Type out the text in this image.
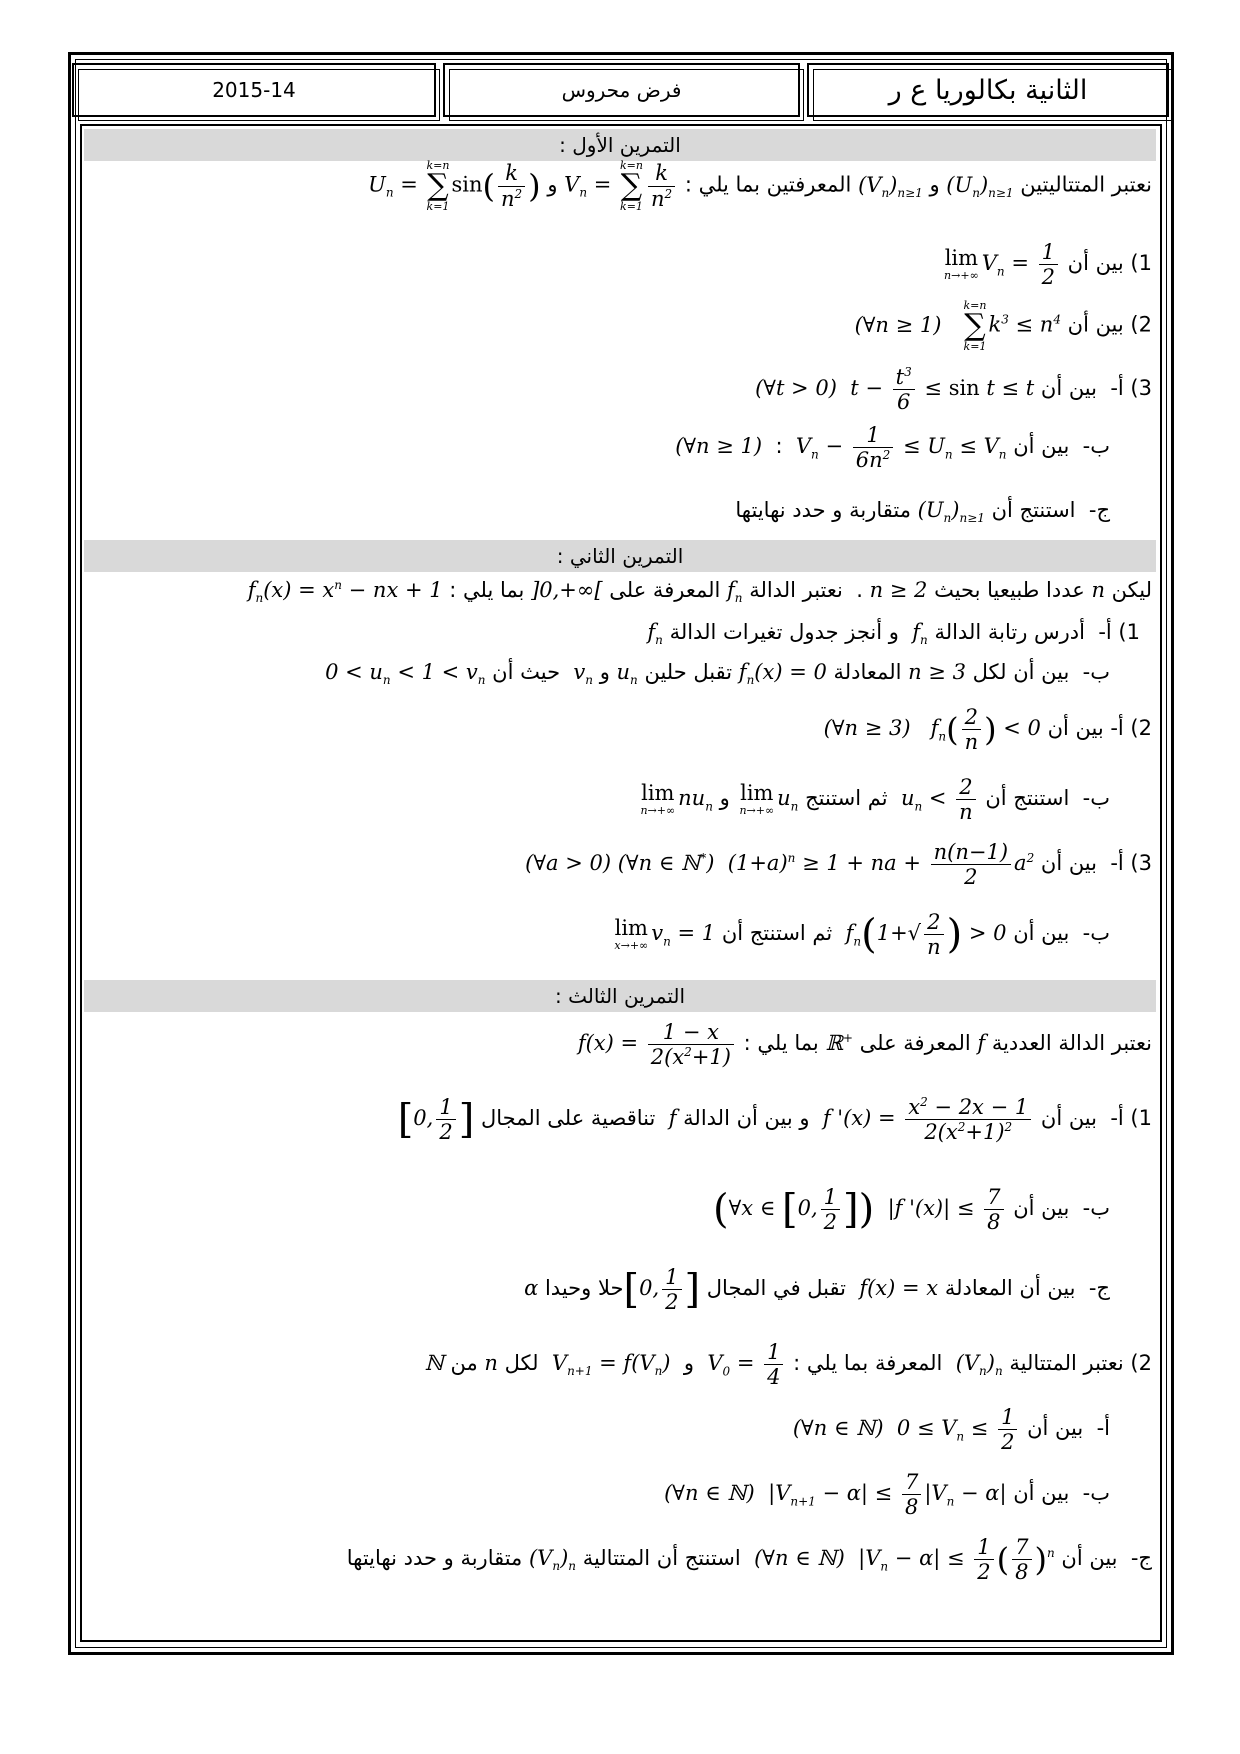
2015-14	فرض محروس	الثانية بكالوريا ع ر
التمرين الأول :
نعتبر المتتاليتين $(U_n)_{n\ge 1}$ و $(V_n)_{n\ge 1}$ المعرفتين بما يلي : $V_n$ =
k=n
∑
$k=1 \frac{k}{n^2}$
و $U_n$ =
k=n
∑
k=1
$\sin( \frac{k}{n^2}$ )
1) بين أن lim
n→+∞
$V_n = \frac{1}{2}$
2) بين أن
k=n
∑
k=1
$k^3 \le n^4$   (∀n ≥ 1)
3) أ-  بين أن $t - \frac{t^3}{6} \le \sin t \le t$  (∀t > 0)
ب-  بين أن $V_n - \frac{1}{6n^2} \le U_n \le V_n$  :  (∀n ≥ 1)
ج-  استنتج أن $(U_n)_{n\ge 1}$ متقاربة و حدد نهايتها
التمرين الثاني :
ليكن n عددا طبيعيا بحيث n ≥ 2 .  نعتبر الدالة $f_n$ المعرفة على ]0,+∞[ بما يلي : $f_n(x) = x^n$ − nx + 1
1) أ-  أدرس رتابة الدالة $f_n$  و أنجز جدول تغيرات الدالة $f_n$
ب-  بين أن لكل n ≥ 3 المعادلة $f_n(x) = 0$ تقبل حلين $u_n$ و $v_n$  حيث أن $0 < u_n < 1 < v_n$
2) أ- بين أن $f_n( \frac{2}{n}$ ) < 0   (∀n ≥ 3)
ب-  استنتج أن $u_n < \frac{2}{n}$
ثم استنتج lim
n→+∞
$u_n$ و lim
n→+∞
$nu_n$
3) أ-  بين أن $(1+a)^n \ge 1$ + na + $\frac{n(n-1)}{2} a^2$  (∀a > 0) (∀n ∈ ℕ*)
ب-  بين أن $f_n(1+√ \frac{2}{n}$ ) > 0  ثم استنتج أن lim
x→+∞
$v_n = 1$
التمرين الثالث :
نعتبر الدالة العددية f المعرفة على ℝ+ بما يلي : $f(x) = \frac{1 - x}{2(x^2+1)}$
1) أ-  بين أن f '$(x) = \frac{x^2 - 2x - 1}{2(x^2+1)^2}$
و بين أن الدالة f  تناقصية على المجال [0, $\frac{1}{2}$ ]
ب-  بين أن |f '$(x)| \le \frac{7}{8}$
(∀x ∈ [0, $\frac{1}{2}$ ])
ج-  بين أن المعادلة f(x) = x  تقبل في المجال [0, $\frac{1}{2}$ ]حلا وحيدا α
2) نعتبر المتتالية $(V_n)_n$  المعرفة بما يلي : $V_0 = \frac{1}{4}$
و  $V_{n+1} = f(V_n)$  لكل n من ℕ
أ-  بين أن $0 \le V_n \le \frac{1}{2}$
(∀n ∈ ℕ)
ب-  بين أن $|V_{n+1} - \alpha| \le \frac{7}{8} |V_n - \alpha|$  (∀n ∈ ℕ)
ج-  بين أن $|V_n - \alpha| \le \frac{1}{2}$ ( $\frac{7}{8} )^n$  (∀n ∈ ℕ)  استنتج أن المتتالية $(V_n)_n$ متقاربة و حدد نهايتها
